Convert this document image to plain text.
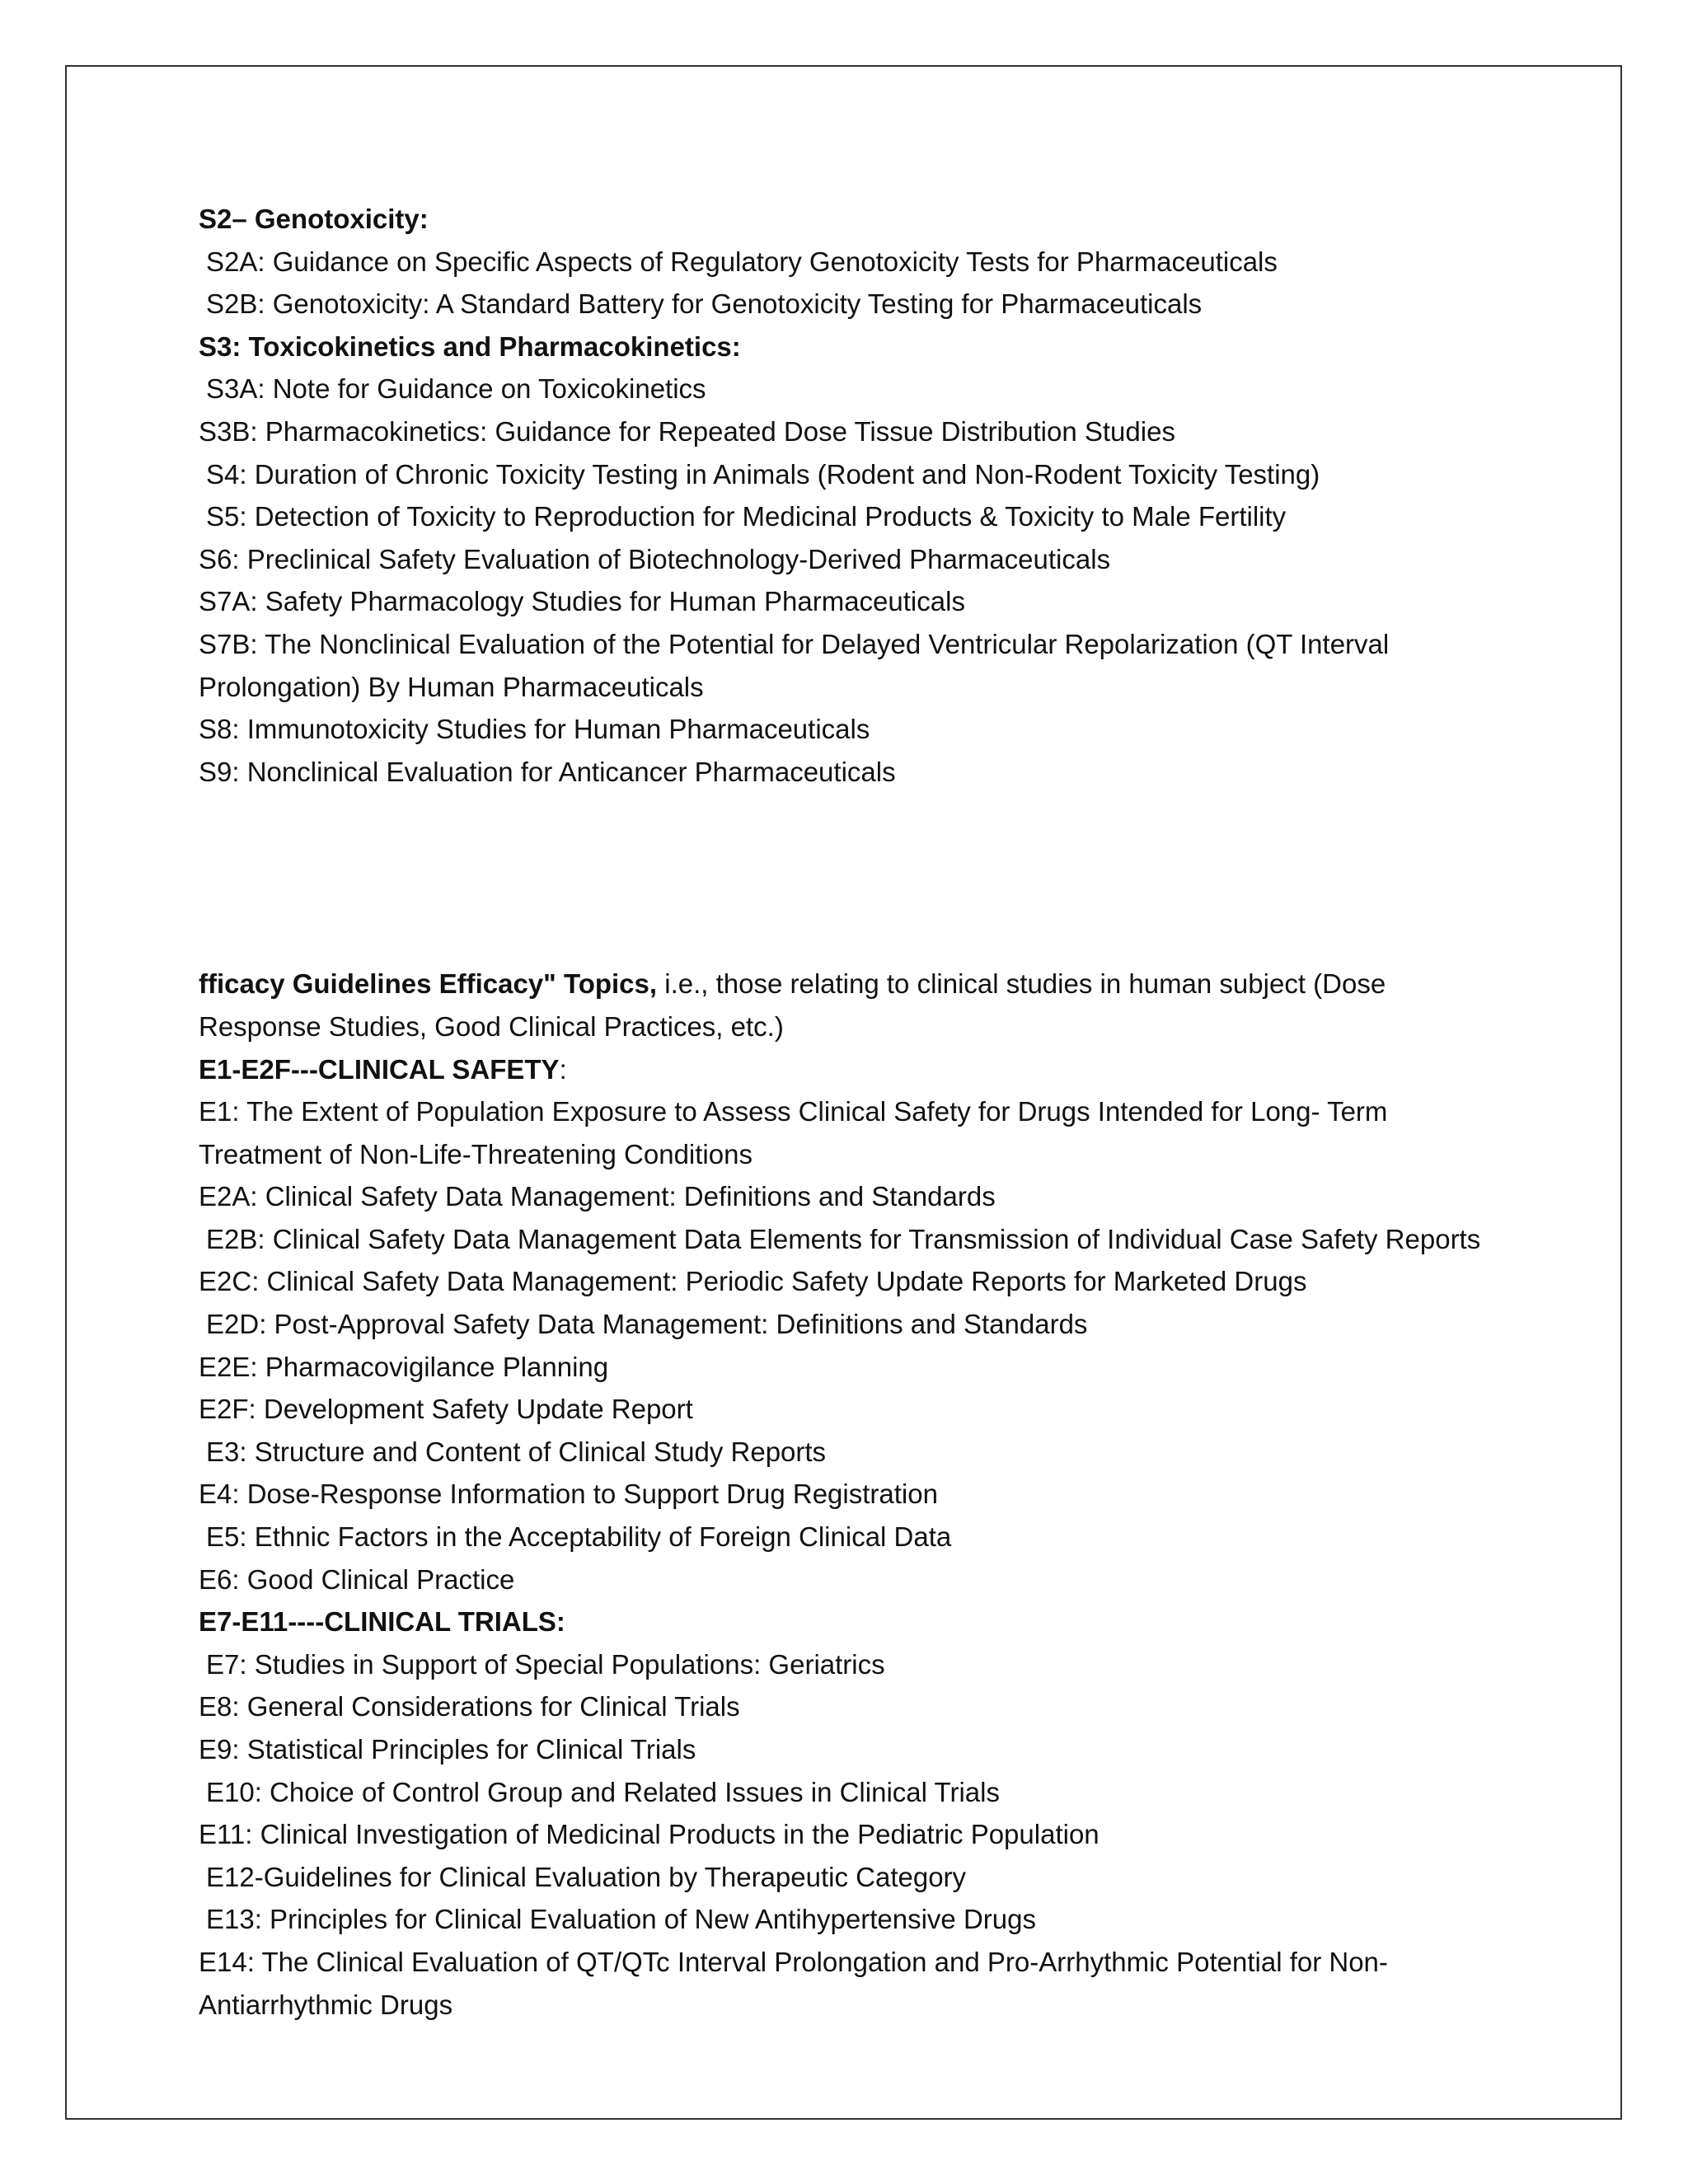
S2– Genotoxicity:
S2A: Guidance on Specific Aspects of Regulatory Genotoxicity Tests for Pharmaceuticals
S2B: Genotoxicity: A Standard Battery for Genotoxicity Testing for Pharmaceuticals
S3: Toxicokinetics and Pharmacokinetics:
S3A: Note for Guidance on Toxicokinetics
S3B: Pharmacokinetics: Guidance for Repeated Dose Tissue Distribution Studies
S4: Duration of Chronic Toxicity Testing in Animals (Rodent and Non-Rodent Toxicity Testing)
S5: Detection of Toxicity to Reproduction for Medicinal Products & Toxicity to Male Fertility
S6: Preclinical Safety Evaluation of Biotechnology-Derived Pharmaceuticals
S7A: Safety Pharmacology Studies for Human Pharmaceuticals
S7B: The Nonclinical Evaluation of the Potential for Delayed Ventricular Repolarization (QT Interval
Prolongation) By Human Pharmaceuticals
S8: Immunotoxicity Studies for Human Pharmaceuticals
S9: Nonclinical Evaluation for Anticancer Pharmaceuticals
fficacy Guidelines Efficacy" Topics, i.e., those relating to clinical studies in human subject (Dose
Response Studies, Good Clinical Practices, etc.)
E1-E2F---CLINICAL SAFETY:
E1: The Extent of Population Exposure to Assess Clinical Safety for Drugs Intended for Long- Term
Treatment of Non-Life-Threatening Conditions
E2A: Clinical Safety Data Management: Definitions and Standards
E2B: Clinical Safety Data Management Data Elements for Transmission of Individual Case Safety Reports
E2C: Clinical Safety Data Management: Periodic Safety Update Reports for Marketed Drugs
E2D: Post-Approval Safety Data Management: Definitions and Standards
E2E: Pharmacovigilance Planning
E2F: Development Safety Update Report
E3: Structure and Content of Clinical Study Reports
E4: Dose-Response Information to Support Drug Registration
E5: Ethnic Factors in the Acceptability of Foreign Clinical Data
E6: Good Clinical Practice
E7-E11----CLINICAL TRIALS:
E7: Studies in Support of Special Populations: Geriatrics
E8: General Considerations for Clinical Trials
E9: Statistical Principles for Clinical Trials
E10: Choice of Control Group and Related Issues in Clinical Trials
E11: Clinical Investigation of Medicinal Products in the Pediatric Population
E12-Guidelines for Clinical Evaluation by Therapeutic Category
E13: Principles for Clinical Evaluation of New Antihypertensive Drugs
E14: The Clinical Evaluation of QT/QTc Interval Prolongation and Pro-Arrhythmic Potential for Non-
Antiarrhythmic Drugs
